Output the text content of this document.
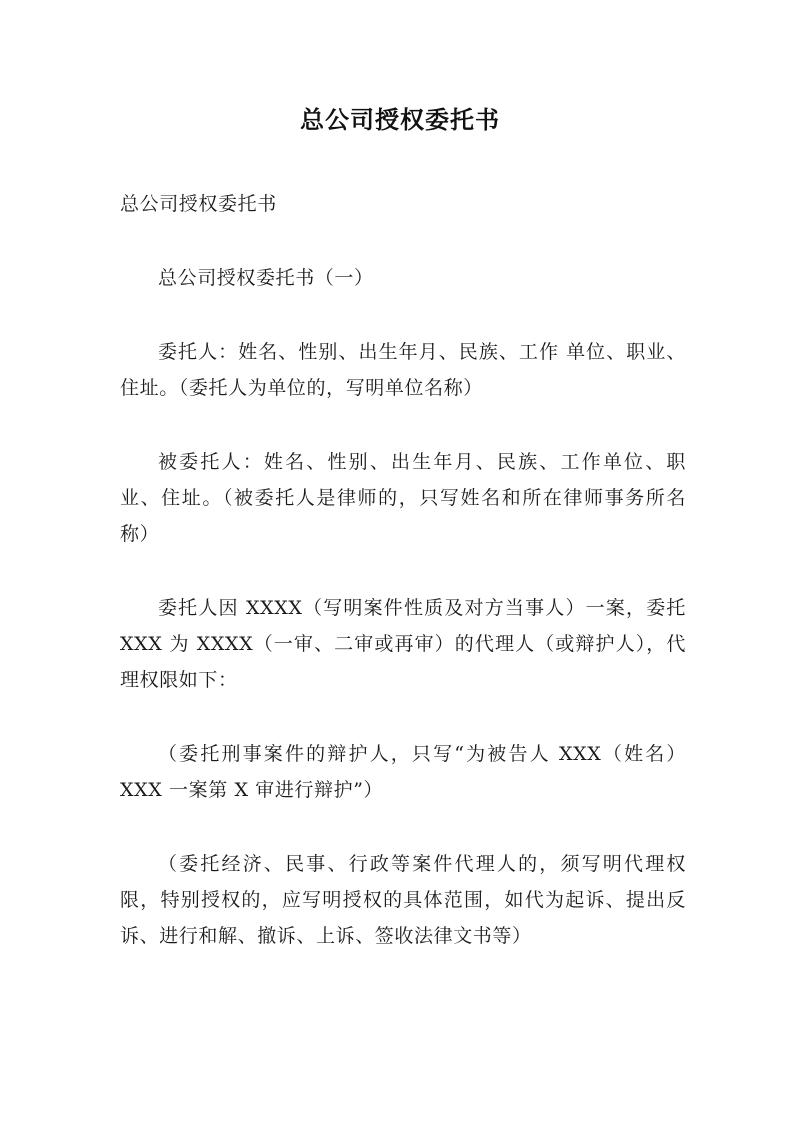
总公司授权委托书

总公司授权委托书

总公司授权委托书（一）

委托人：姓名、性别、出生年月、民族、工作 单位、职业、住址。（委托人为单位的，写明单位名称）

被委托人：姓名、性别、出生年月、民族、工作单位、职业、住址。（被委托人是律师的，只写姓名和所在律师事务所名称）

委托人因 XXXX（写明案件性质及对方当事人）一案，委托 XXX 为 XXXX（一审、二审或再审）的代理人（或辩护人），代理权限如下：

（委托刑事案件的辩护人，只写“为被告人 XXX（姓名）XXX 一案第 X 审进行辩护”）

（委托经济、民事、行政等案件代理人的，须写明代理权限，特别授权的，应写明授权的具体范围，如代为起诉、提出反诉、进行和解、撤诉、上诉、签收法律文书等）
